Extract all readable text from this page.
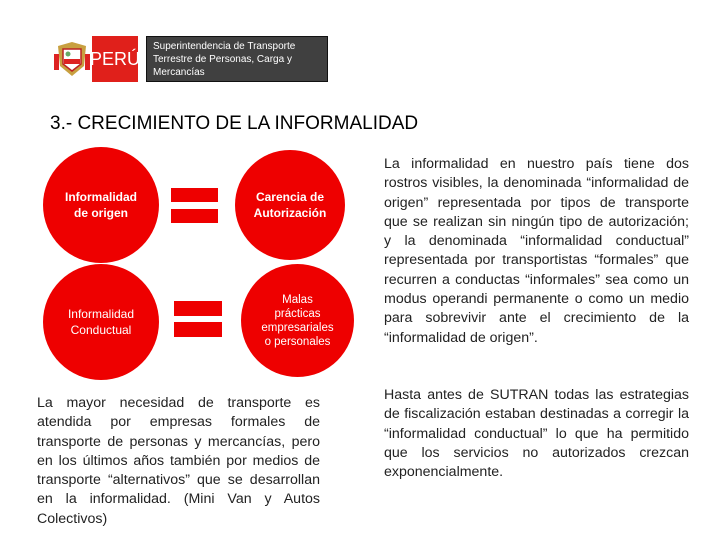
PERÚ
Superintendencia de Transporte Terrestre de Personas, Carga y Mercancías
3.- CRECIMIENTO DE LA INFORMALIDAD
Informalidad de origen
Carencia de Autorización
Informalidad Conductual
Malas prácticas empresariales o personales
La mayor necesidad de transporte es atendida por empresas formales de transporte de personas y mercancías, pero en los últimos años también por medios de transporte “alternativos” que se desarrollan en la informalidad. (Mini Van y Autos Colectivos)
La informalidad en nuestro país tiene dos rostros visibles, la denominada “informalidad de origen” representada por tipos de transporte que se realizan sin ningún tipo de autorización; y la denominada “informalidad conductual” representada por transportistas “formales” que recurren a conductas “informales” sea como un modus operandi permanente o como un medio para sobrevivir ante el crecimiento de la “informalidad de origen”.
Hasta antes de SUTRAN todas las estrategias de fiscalización estaban destinadas a corregir la “informalidad conductual” lo que ha permitido que los servicios no autorizados crezcan exponencialmente.
